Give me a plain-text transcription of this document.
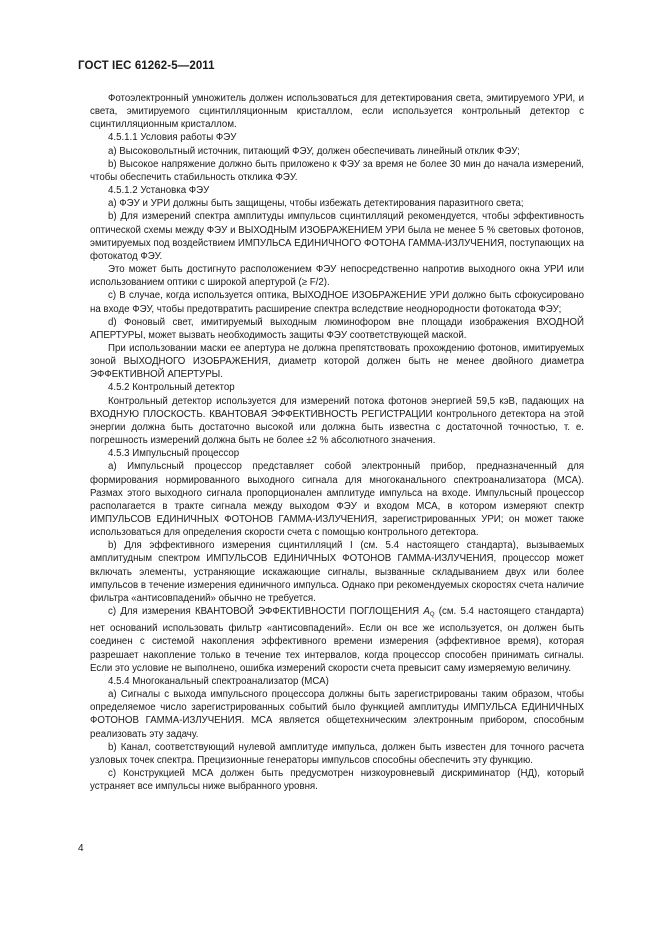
ГОСТ IEC 61262-5—2011

Фотоэлектронный умножитель должен использоваться для детектирования света, эмитируемого УРИ, и света, эмитируемого сцинтилляционным кристаллом, если используется контрольный детектор с сцинтилляционным кристаллом.

4.5.1.1 Условия работы ФЭУ

a) Высоковольтный источник, питающий ФЭУ, должен обеспечивать линейный отклик ФЭУ;

b) Высокое напряжение должно быть приложено к ФЭУ за время не более 30 мин до начала измерений, чтобы обеспечить стабильность отклика ФЭУ.

4.5.1.2 Установка ФЭУ

a) ФЭУ и УРИ должны быть защищены, чтобы избежать детектирования паразитного света;

b) Для измерений спектра амплитуды импульсов сцинтилляций рекомендуется, чтобы эффективность оптической схемы между ФЭУ и ВЫХОДНЫМ ИЗОБРАЖЕНИЕМ УРИ была не менее 5 % световых фотонов, эмитируемых под воздействием ИМПУЛЬСА ЕДИНИЧНОГО ФОТОНА ГАММА-ИЗЛУЧЕНИЯ, поступающих на фотокатод ФЭУ.

Это может быть достигнуто расположением ФЭУ непосредственно напротив выходного окна УРИ или использованием оптики с широкой апертурой (≥ F/2).

c) В случае, когда используется оптика, ВЫХОДНОЕ ИЗОБРАЖЕНИЕ УРИ должно быть сфокусировано на входе ФЭУ, чтобы предотвратить расширение спектра вследствие неоднородности фотокатода ФЭУ;

d) Фоновый свет, имитируемый выходным люминофором вне площади изображения ВХОДНОЙ АПЕРТУРЫ, может вызвать необходимость защиты ФЭУ соответствующей маской.

При использовании маски ее апертура не должна препятствовать прохождению фотонов, имитируемых зоной ВЫХОДНОГО ИЗОБРАЖЕНИЯ, диаметр которой должен быть не менее двойного диаметра ЭФФЕКТИВНОЙ АПЕРТУРЫ.

4.5.2 Контрольный детектор

Контрольный детектор используется для измерений потока фотонов энергией 59,5 кэВ, падающих на ВХОДНУЮ ПЛОСКОСТЬ. КВАНТОВАЯ ЭФФЕКТИВНОСТЬ РЕГИСТРАЦИИ контрольного детектора на этой энергии должна быть достаточно высокой или должна быть известна с достаточной точностью, т. е. погрешность измерений должна быть не более ±2 % абсолютного значения.

4.5.3 Импульсный процессор

a) Импульсный процессор представляет собой электронный прибор, предназначенный для формирования нормированного выходного сигнала для многоканального спектроанализатора (МСА). Размах этого выходного сигнала пропорционален амплитуде импульса на входе. Импульсный процессор располагается в тракте сигнала между выходом ФЭУ и входом МСА, в котором измеряют спектр ИМПУЛЬСОВ ЕДИНИЧНЫХ ФОТОНОВ ГАММА-ИЗЛУЧЕНИЯ, зарегистрированных УРИ; он может также использоваться для определения скорости счета с помощью контрольного детектора.

b) Для эффективного измерения сцинтилляций I (см. 5.4 настоящего стандарта), вызываемых амплитудным спектром ИМПУЛЬСОВ ЕДИНИЧНЫХ ФОТОНОВ ГАММА-ИЗЛУЧЕНИЯ, процессор может включать элементы, устраняющие искажающие сигналы, вызванные складыванием двух или более импульсов в течение измерения единичного импульса. Однако при рекомендуемых скоростях счета наличие фильтра «антисовпадений» обычно не требуется.

c) Для измерения КВАНТОВОЙ ЭФФЕКТИВНОСТИ ПОГЛОЩЕНИЯ $A_Q$ (см. 5.4 настоящего стандарта) нет оснований использовать фильтр «антисовпадений». Если он все же используется, он должен быть соединен с системой накопления эффективного времени измерения (эффективное время), которая разрешает накопление только в течение тех интервалов, когда процессор способен принимать сигналы. Если это условие не выполнено, ошибка измерений скорости счета превысит саму измеряемую величину.

4.5.4 Многоканальный спектроанализатор (МСА)

a) Сигналы с выхода импульсного процессора должны быть зарегистрированы таким образом, чтобы определяемое число зарегистрированных событий было функцией амплитуды ИМПУЛЬСА ЕДИНИЧНЫХ ФОТОНОВ ГАММА-ИЗЛУЧЕНИЯ. МСА является общетехническим электронным прибором, способным реализовать эту задачу.

b) Канал, соответствующий нулевой амплитуде импульса, должен быть известен для точного расчета узловых точек спектра. Прецизионные генераторы импульсов способны обеспечить эту функцию.

c) Конструкцией МСА должен быть предусмотрен низкоуровневый дискриминатор (НД), который устраняет все импульсы ниже выбранного уровня.

4
